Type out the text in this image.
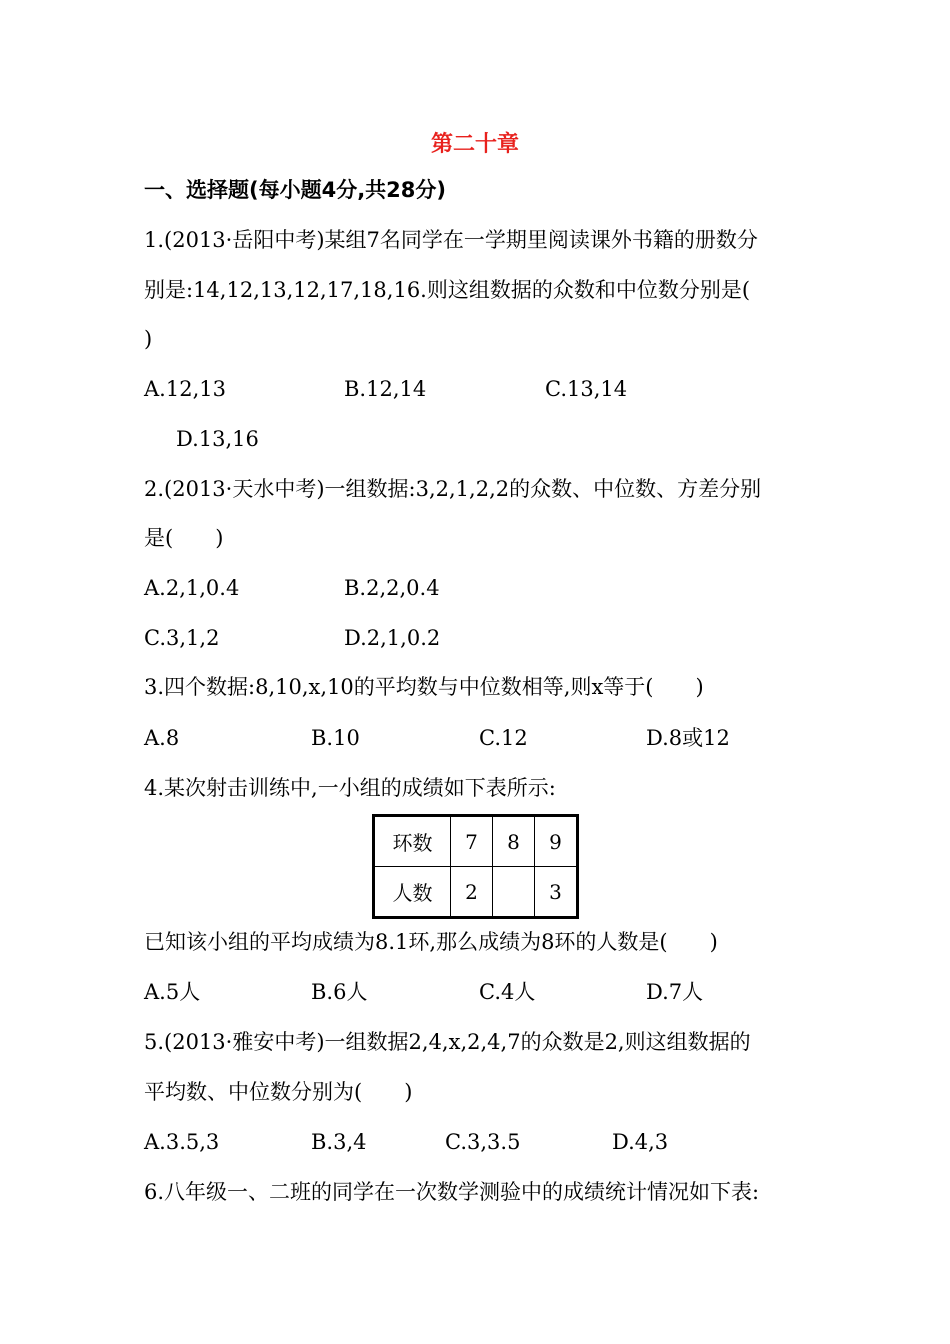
第二十章
一、选择题(每小题4分,共28分)
1.(2013·岳阳中考)某组7名同学在一学期里阅读课外书籍的册数分
别是:14,12,13,12,17,18,16.则这组数据的众数和中位数分别是(
)
A.12,13	B.12,14	C.13,14
D.13,16
2.(2013·天水中考)一组数据:3,2,1,2,2的众数、中位数、方差分别
是(　　)
A.2,1,0.4	B.2,2,0.4
C.3,1,2	D.2,1,0.2
3.四个数据:8,10,x,10的平均数与中位数相等,则x等于(　　)
A.8	B.10	C.12	D.8或12
4.某次射击训练中,一小组的成绩如下表所示:
环数	7	8	9
人数	2		3
已知该小组的平均成绩为8.1环,那么成绩为8环的人数是(　　)
A.5人	B.6人	C.4人	D.7人
5.(2013·雅安中考)一组数据2,4,x,2,4,7的众数是2,则这组数据的
平均数、中位数分别为(　　)
A.3.5,3	B.3,4	C.3,3.5	D.4,3
6.八年级一、二班的同学在一次数学测验中的成绩统计情况如下表:
